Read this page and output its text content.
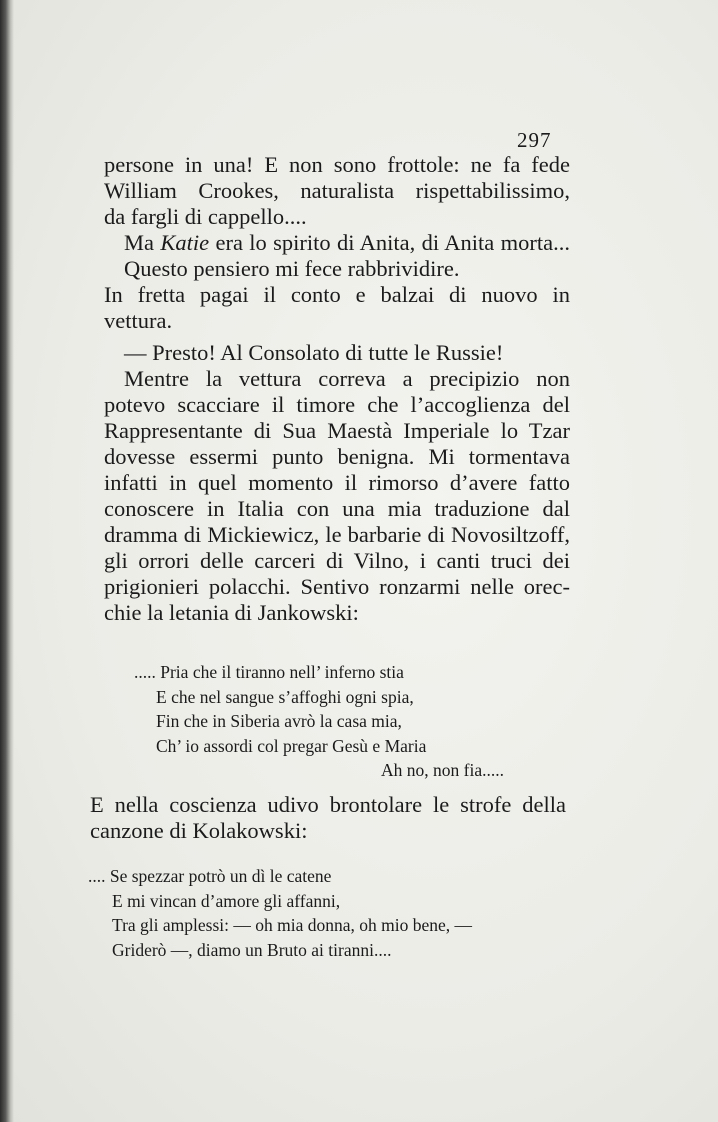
297
persone in una! E non sono frottole: ne fa fede
William Crookes, naturalista rispettabilissimo,
da fargli di cappello....
Ma Katie era lo spirito di Anita, di Anita morta...
Questo pensiero mi fece rabbrividire.
In fretta pagai il conto e balzai di nuovo in
vettura.
— Presto! Al Consolato di tutte le Russie!
Mentre la vettura correva a precipizio non
potevo scacciare il timore che l’accoglienza del
Rappresentante di Sua Maestà Imperiale lo Tzar
dovesse essermi punto benigna. Mi tormentava
infatti in quel momento il rimorso d’avere fatto
conoscere in Italia con una mia traduzione dal
dramma di Mickiewicz, le barbarie di Novosiltzoff,
gli orrori delle carceri di Vilno, i canti truci dei
prigionieri polacchi. Sentivo ronzarmi nelle orec-
chie la letania di Jankowski:
..... Pria che il tiranno nell’ inferno stia
E che nel sangue s’affoghi ogni spia,
Fin che in Siberia avrò la casa mia,
Ch’ io assordi col pregar Gesù e Maria
Ah no, non fia.....
E nella coscienza udivo brontolare le strofe della
canzone di Kolakowski:
.... Se spezzar potrò un dì le catene
E mi vincan d’amore gli affanni,
Tra gli amplessi: — oh mia donna, oh mio bene, —
Griderò —, diamo un Bruto ai tiranni....
